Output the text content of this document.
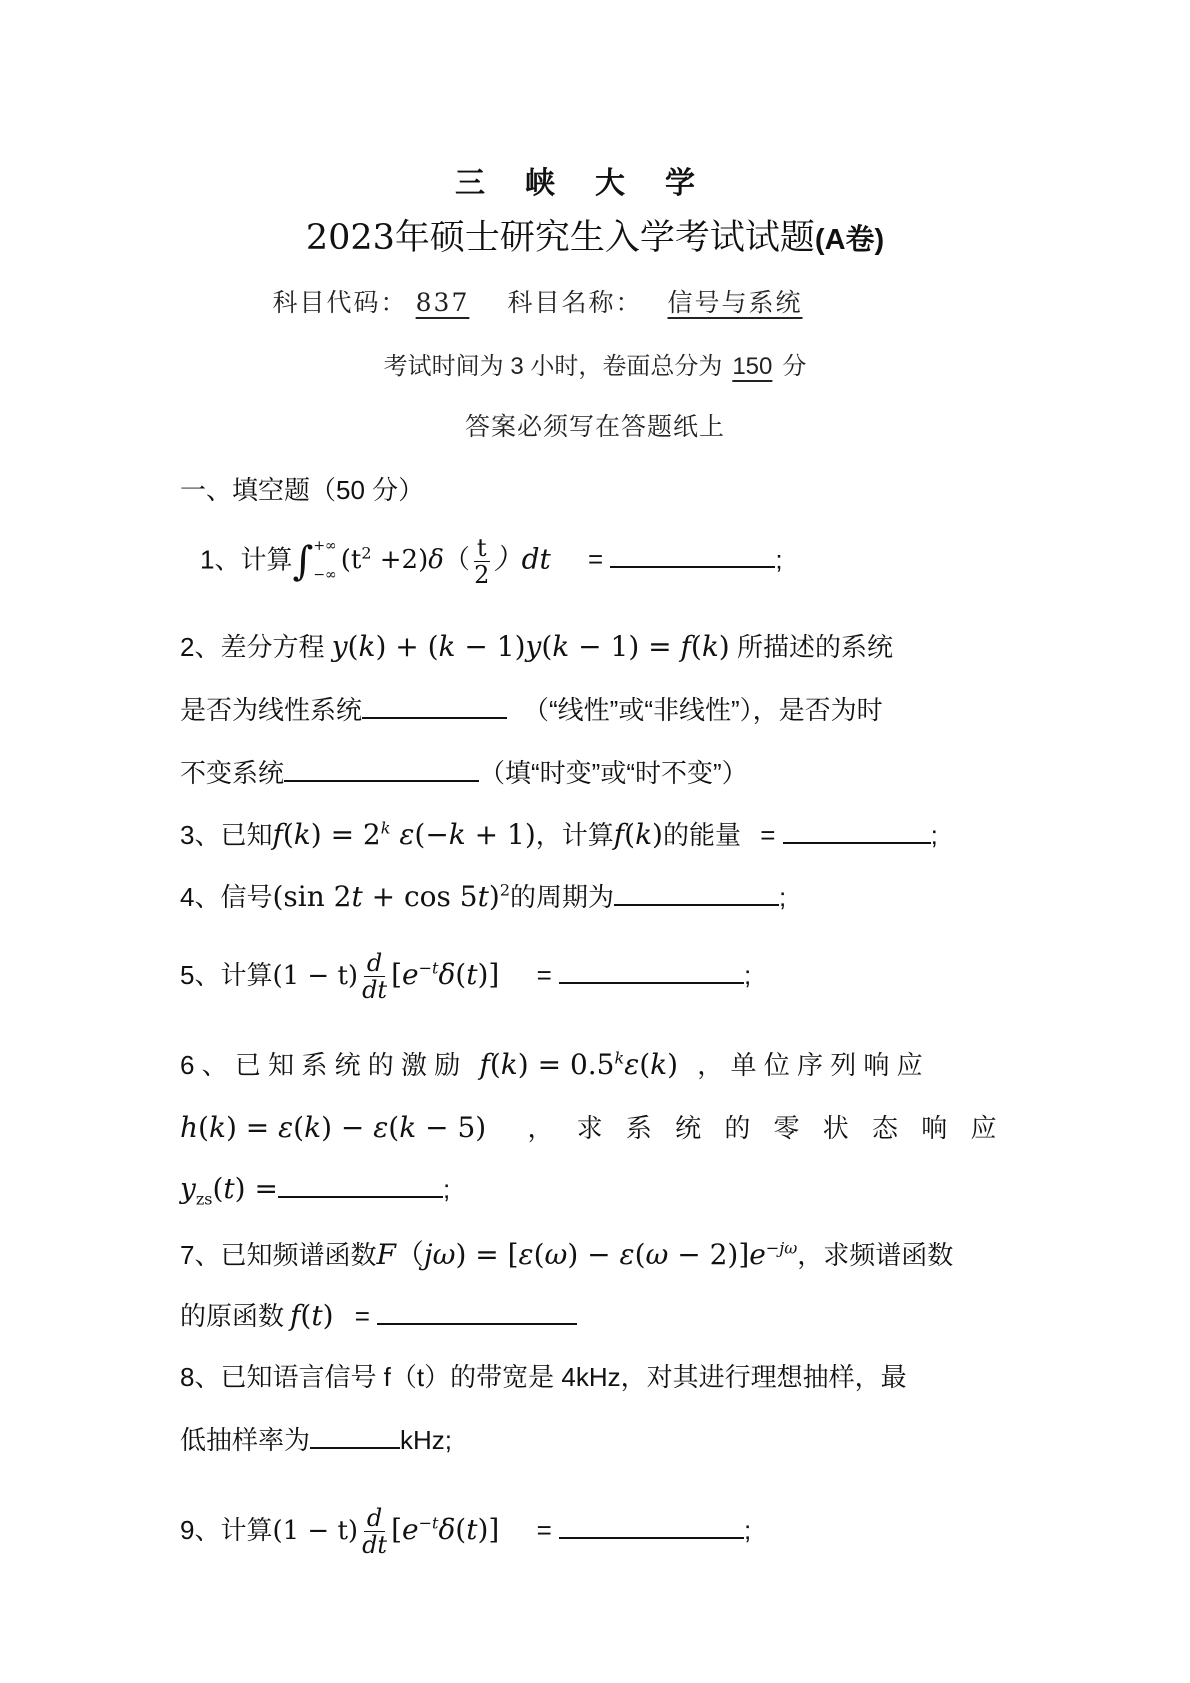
三峡大学
2023年硕士研究生入学考试试题(A卷)
科目代码： 837 科目名称： 信号与系统
考试时间为 3 小时，卷面总分为 150 分
答案必须写在答题纸上
一、填空题（50 分）
1、计算∫ +∞
−∞
$(t^2 +2)\delta( \frac{t}{2} )dt$ =	;
2、差分方程 y(k) + (k − 1)y(k − 1) = f(k) 所描述的系统
是否为线性系统	（“线性”或“非线性”），是否为时
不变系统	（填“时变”或“时不变”）
3、已知$f(k) = 2^k$ ε(−k + 1)，计算f(k)的能量 =	;
4、信号(sin 2t + cos 5t)$^2$的周期为	;
5、计算$(1 - t) \frac{d}{dt} [e^{-t}\delta(t)]$ =	;
6 、 已 知 系 统 的 激 励 $f(k) = 0.5^k\varepsilon(k)$ ， 单 位 序 列 响 应
h(k) = ε(k) − ε(k − 5) ， 求 系 统 的 零 状 态 响 应
$y_{zs}(t)$ =	;
7、已知频谱函数$F(j\omega) = [\varepsilon(\omega) - \varepsilon(\omega - 2)]e^{-j\omega}$，求频谱函数
的原函数 f(t) =
8、已知语言信号 f（t）的带宽是 4kHz，对其进行理想抽样，最
低抽样率为	kHz;
9、计算$(1 - t) \frac{d}{dt} [e^{-t}\delta(t)]$ =	;
